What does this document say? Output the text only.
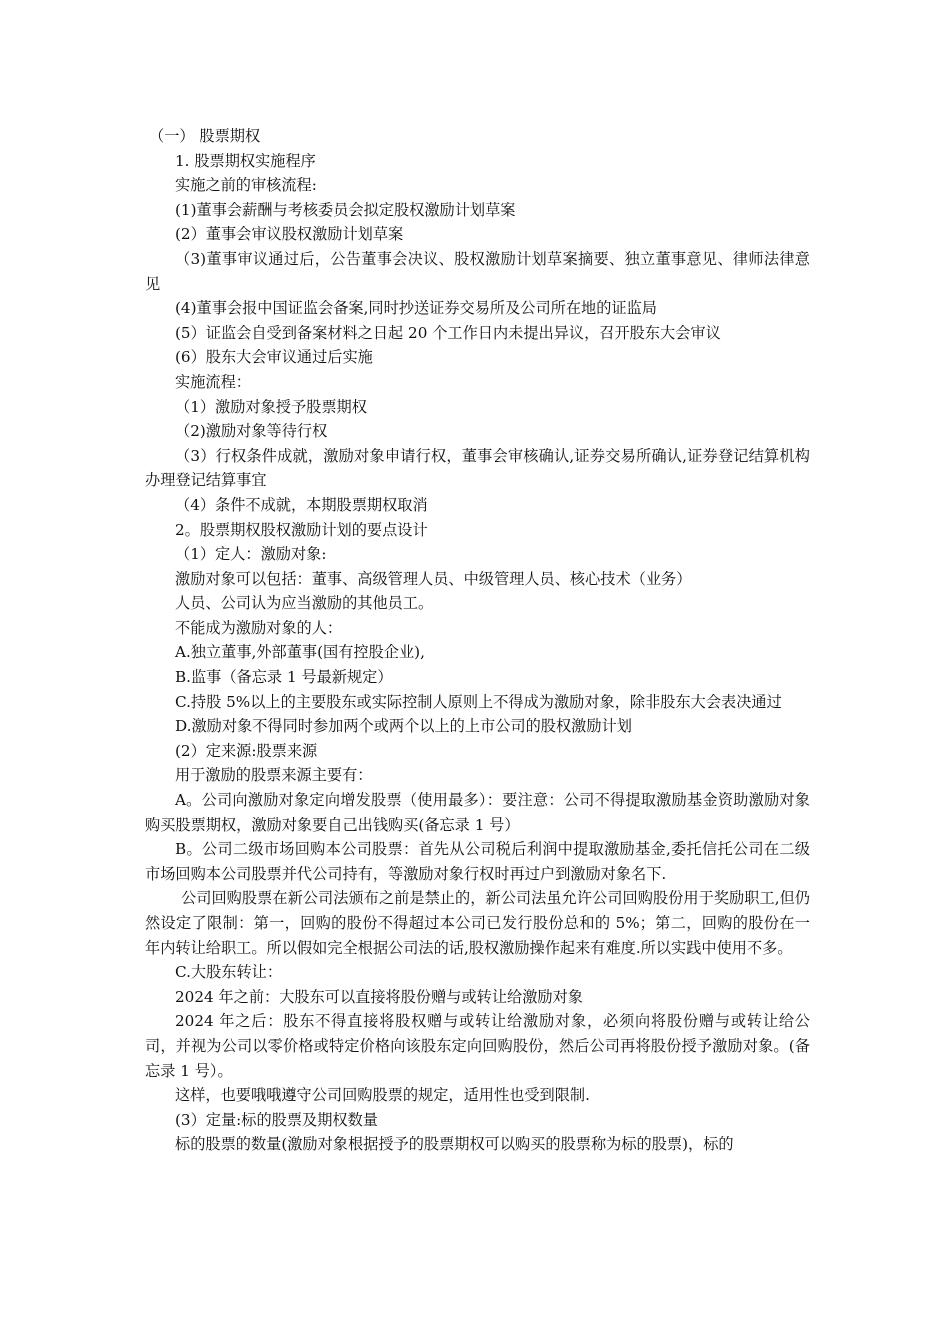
（一） 股票期权

1. 股票期权实施程序

实施之前的审核流程:

(1)董事会薪酬与考核委员会拟定股权激励计划草案

(2）董事会审议股权激励计划草案

（3)董事审议通过后，公告董事会决议、股权激励计划草案摘要、独立董事意见、律师法律意见

(4)董事会报中国证监会备案,同时抄送证券交易所及公司所在地的证监局

(5）证监会自受到备案材料之日起 20 个工作日内未提出异议，召开股东大会审议

(6）股东大会审议通过后实施

实施流程：

（1）激励对象授予股票期权

（2)激励对象等待行权

（3）行权条件成就，激励对象申请行权，董事会审核确认,证券交易所确认,证券登记结算机构办理登记结算事宜

（4）条件不成就，本期股票期权取消

2。股票期权股权激励计划的要点设计

（1）定人：激励对象:

激励对象可以包括：董事、高级管理人员、中级管理人员、核心技术（业务）

人员、公司认为应当激励的其他员工。

不能成为激励对象的人：

A.独立董事,外部董事(国有控股企业),

B.监事（备忘录 1 号最新规定）

C.持股 5%以上的主要股东或实际控制人原则上不得成为激励对象，除非股东大会表决通过

D.激励对象不得同时参加两个或两个以上的上市公司的股权激励计划

(2）定来源:股票来源

用于激励的股票来源主要有：

A。公司向激励对象定向增发股票（使用最多）：要注意：公司不得提取激励基金资助激励对象购买股票期权，激励对象要自己出钱购买(备忘录 1 号）

B。公司二级市场回购本公司股票：首先从公司税后利润中提取激励基金,委托信托公司在二级市场回购本公司股票并代公司持有，等激励对象行权时再过户到激励对象名下.

公司回购股票在新公司法颁布之前是禁止的，新公司法虽允许公司回购股份用于奖励职工,但仍然设定了限制：第一，回购的股份不得超过本公司已发行股份总和的 5%；第二，回购的股份在一年内转让给职工。所以假如完全根据公司法的话,股权激励操作起来有难度.所以实践中使用不多。

C.大股东转让：

2024 年之前：大股东可以直接将股份赠与或转让给激励对象

2024 年之后：股东不得直接将股权赠与或转让给激励对象，必须向将股份赠与或转让给公司，并视为公司以零价格或特定价格向该股东定向回购股份，然后公司再将股份授予激励对象。(备忘录 1 号）。

这样，也要哦哦遵守公司回购股票的规定，适用性也受到限制.

(3）定量:标的股票及期权数量

标的股票的数量(激励对象根据授予的股票期权可以购买的股票称为标的股票)，标的
